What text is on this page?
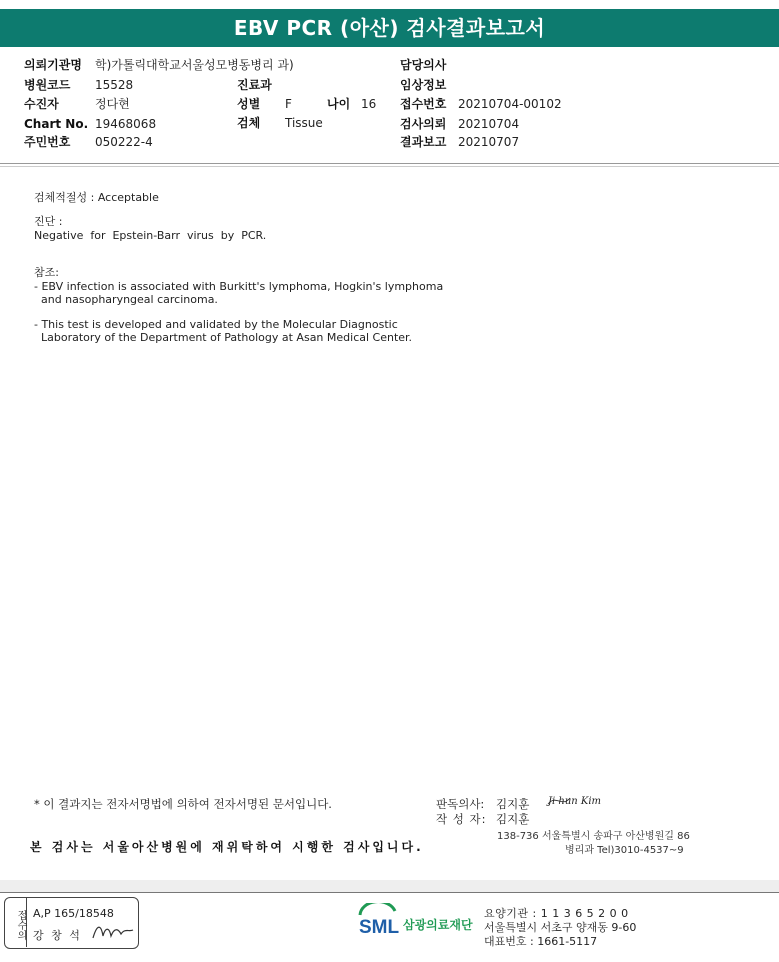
EBV PCR (아산) 검사결과보고서
의뢰기관명 학)가톨릭대학교서울성모병동병리 과)
병원코드 15528
수진자	정다현
Chart No. 19468068
주민번호 050222-4
진료과
성별 F	나이 16
검체 Tissue
담당의사
임상정보
접수번호 20210704-00102
검사의뢰 20210704
결과보고 20210707
검체적절성 : Acceptable
진단 :
Negative  for  Epstein-Barr  virus  by  PCR.
참조:
- EBV infection is associated with Burkitt's lymphoma, Hogkin's lymphoma
and nasopharyngeal carcinoma.
- This test is developed and validated by the Molecular Diagnostic
Laboratory of the Department of Pathology at Asan Medical Center.
* 이 결과지는 전자서명법에 의하여 전자서명된 문서입니다.	판독의사: 김지훈 Ji hun Kim
작 성 자: 김지훈
138-736 서울특별시 송파구 아산병원길 86
병리과 Tel)3010-4537~9
본 검사는 서울아산병원에 재위탁하여 시행한 검사입니다.
접수의 A,P 165/18548
강 창 석	SML 삼광의료재단
요양기관 : 1 1 3 6 5 2 0 0
서울특별시 서초구 양재동 9-60
대표번호 : 1661-5117
